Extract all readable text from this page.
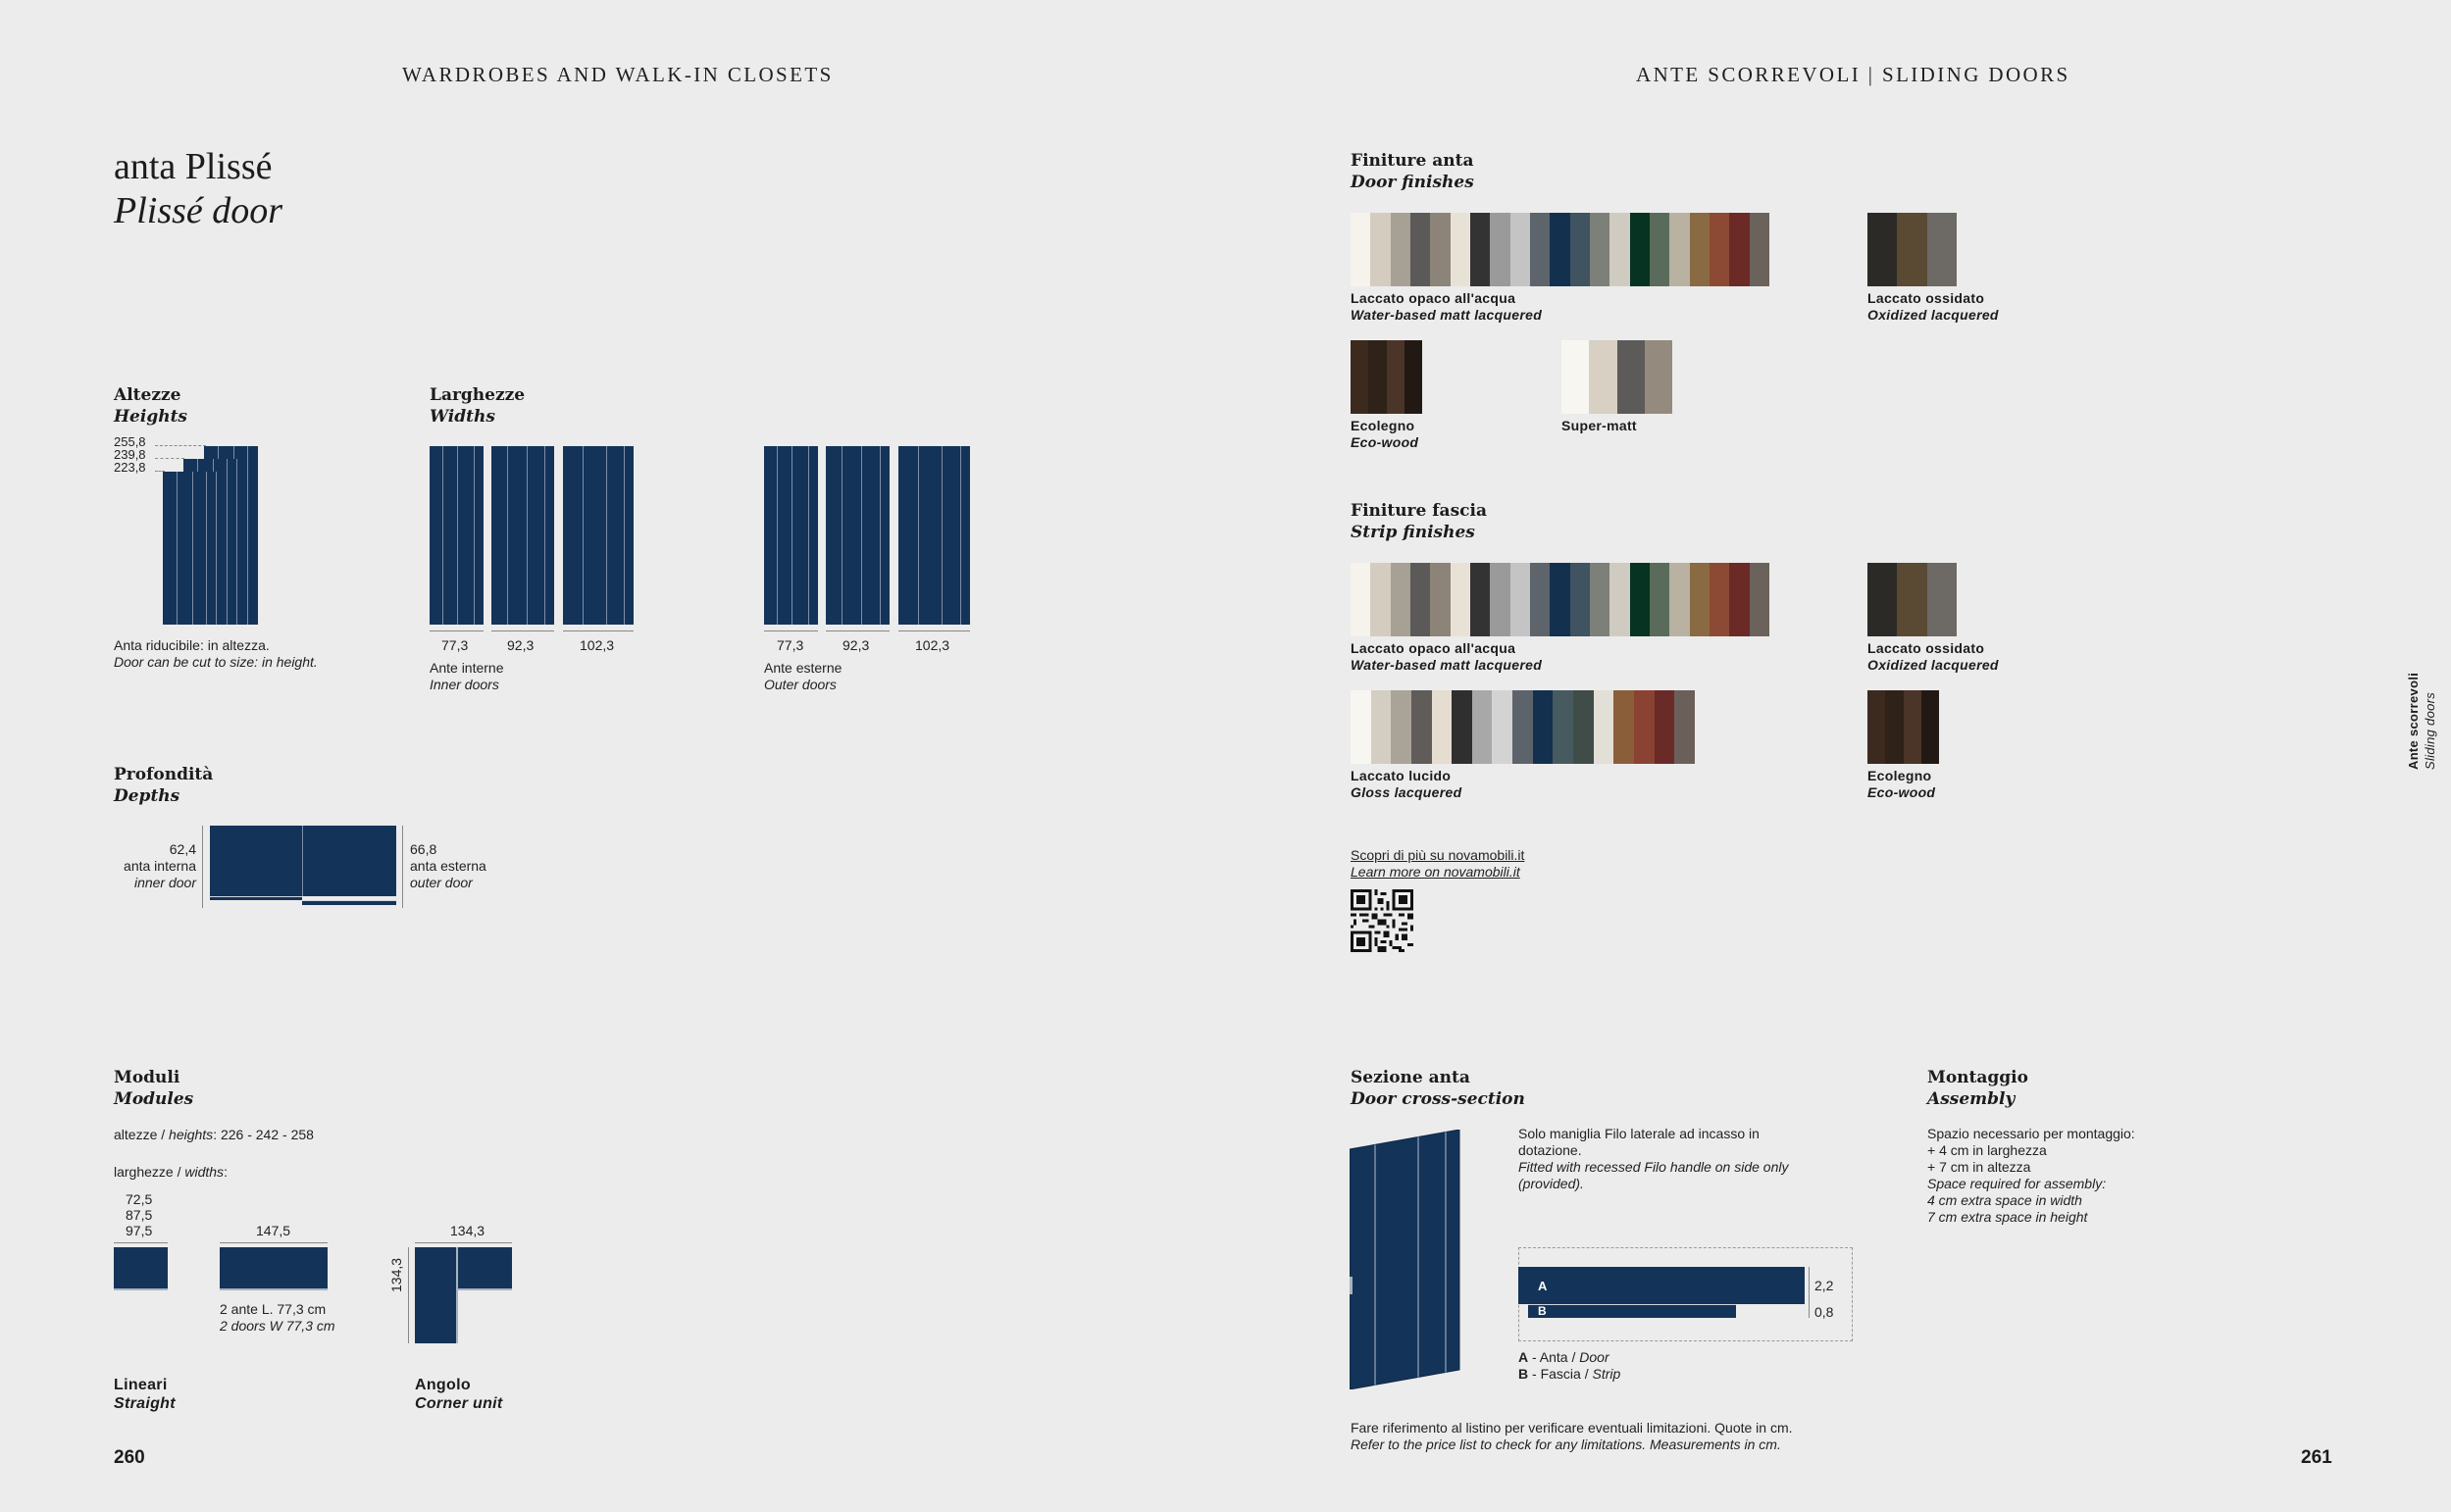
WARDROBES AND WALK-IN CLOSETS	ANTE SCORREVOLI | SLIDING DOORS
anta Plissé
Plissé door
Altezze
Heights
255,8
239,8
223,8
Anta riducibile: in altezza.
Door can be cut to size: in height.
Larghezze
Widths
77,3	92,3	102,3
Ante interne
Inner doors
77,3	92,3	102,3
Ante esterne
Outer doors
Profondità
Depths
62,4
anta interna
inner door
66,8
anta esterna
outer door
Moduli
Modules
altezze / heights: 226 - 242 - 258
larghezze / widths:
72,5
87,5
97,5	147,5
2 ante L. 77,3 cm
2 doors W 77,3 cm
134,3
134,3
Lineari
Straight
Angolo
Corner unit
260
Finiture anta
Door finishes
Laccato opaco all'acqua
Water-based matt lacquered
Laccato ossidato
Oxidized lacquered
Ecolegno
Eco-wood
Super-matt
Finiture fascia
Strip finishes
Laccato opaco all'acqua
Water-based matt lacquered
Laccato ossidato
Oxidized lacquered
Laccato lucido
Gloss lacquered
Ecolegno
Eco-wood
Scopri di più su novamobili.it
Learn more on novamobili.it
Sezione anta
Door cross-section
Solo maniglia Filo laterale ad incasso in
dotazione.
Fitted with recessed Filo handle on side only
(provided).
A
B
2,2
0,8
A - Anta / Door
B - Fascia / Strip
Montaggio
Assembly
Spazio necessario per montaggio:
+ 4 cm in larghezza
+ 7 cm in altezza
Space required for assembly:
4 cm extra space in width
7 cm extra space in height
Fare riferimento al listino per verificare eventuali limitazioni. Quote in cm.
Refer to the price list to check for any limitations. Measurements in cm.
261
Ante scorrevoli Sliding doors
